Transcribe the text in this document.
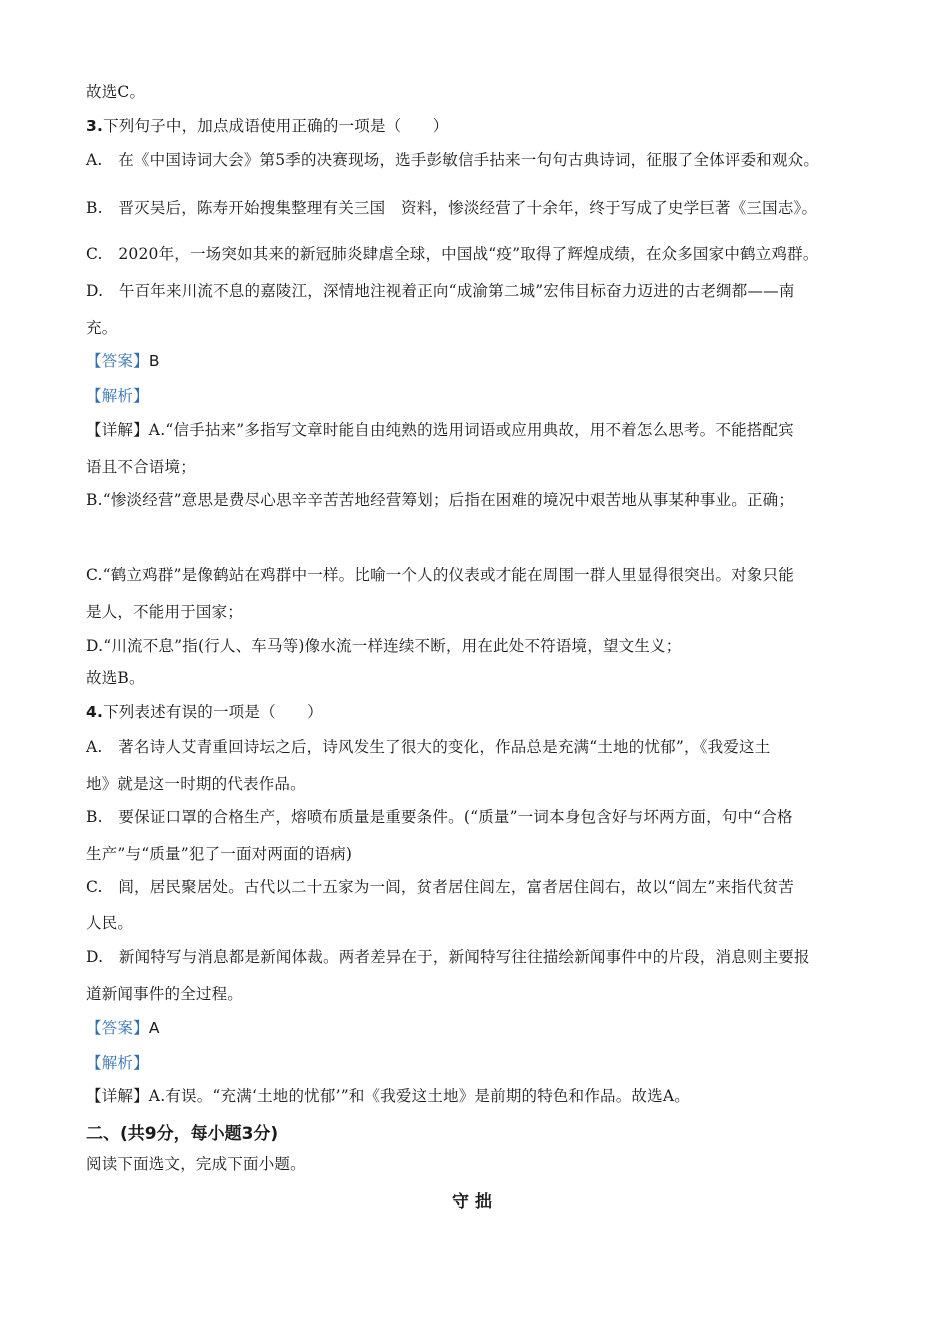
故选C。
3.下列句子中，加点成语使用正确的一项是（　　）
A.　在《中国诗词大会》第5季的决赛现场，选手彭敏信手拈来一句句古典诗词，征服了全体评委和观众。
B.　晋灭吴后，陈寿开始搜集整理有关三国　资料，惨淡经营了十余年，终于写成了史学巨著《三国志》。
C.　2020年，一场突如其来的新冠肺炎肆虐全球，中国战“疫”取得了辉煌成绩，在众多国家中鹤立鸡群。
D.　午百年来川流不息的嘉陵江，深情地注视着正向“成渝第二城”宏伟目标奋力迈进的古老绸都——南
充。
【答案】B
【解析】
【详解】A.“信手拈来”多指写文章时能自由纯熟的选用词语或应用典故，用不着怎么思考。不能搭配宾
语且不合语境；
B.“惨淡经营”意思是费尽心思辛辛苦苦地经营筹划；后指在困难的境况中艰苦地从事某种事业。正确；
C.“鹤立鸡群”是像鹤站在鸡群中一样。比喻一个人的仪表或才能在周围一群人里显得很突出。对象只能
是人，不能用于国家；
D.“川流不息”指(行人、车马等)像水流一样连续不断，用在此处不符语境，望文生义；
故选B。
4.下列表述有误的一项是（　　）
A.　著名诗人艾青重回诗坛之后，诗风发生了很大的变化，作品总是充满“土地的忧郁”，《我爱这土
地》就是这一时期的代表作品。
B.　要保证口罩的合格生产，熔喷布质量是重要条件。(“质量”一词本身包含好与坏两方面，句中“合格
生产”与“质量”犯了一面对两面的语病)
C.　闾，居民聚居处。古代以二十五家为一闾，贫者居住闾左，富者居住闾右，故以“闾左”来指代贫苦
人民。
D.　新闻特写与消息都是新闻体裁。两者差异在于，新闻特写往往描绘新闻事件中的片段，消息则主要报
道新闻事件的全过程。
【答案】A
【解析】
【详解】A.有误。“充满‘土地的忧郁’”和《我爱这土地》是前期的特色和作品。故选A。
二、(共9分，每小题3分)
阅读下面选文，完成下面小题。
守拙
